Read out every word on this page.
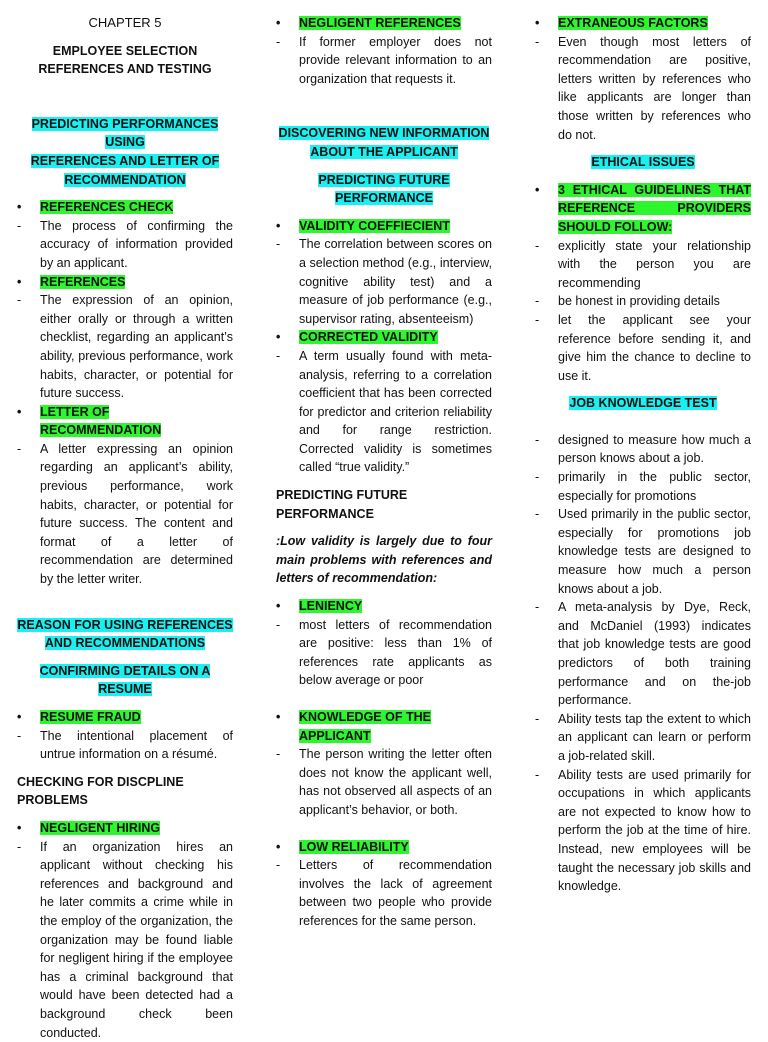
CHAPTER 5
EMPLOYEE SELECTION
REFERENCES AND TESTING
PREDICTING PERFORMANCES USING
REFERENCES AND LETTER OF
RECOMMENDATION
• REFERENCES CHECK
- The process of confirming the accuracy of information provided by an applicant.
• REFERENCES
- The expression of an opinion, either orally or through a written checklist, regarding an applicant’s ability, previous performance, work habits, character, or potential for future success.
• LETTER OF RECOMMENDATION
- A letter expressing an opinion regarding an applicant’s ability, previous performance, work habits, character, or potential for future success. The content and format of a letter of recommendation are determined by the letter writer.
REASON FOR USING REFERENCES
AND RECOMMENDATIONS
CONFIRMING DETAILS ON A RESUME
• RESUME FRAUD
- The intentional placement of untrue information on a résumé.
CHECKING FOR DISCPLINE PROBLEMS
• NEGLIGENT HIRING
- If an organization hires an applicant without checking his references and background and he later commits a crime while in the employ of the organization, the organization may be found liable for negligent hiring if the employee has a criminal background that would have been detected had a background check been conducted.
• NEGLIGENT REFERENCES
- If former employer does not provide relevant information to an organization that requests it.
DISCOVERING NEW INFORMATION
ABOUT THE APPLICANT
PREDICTING FUTURE PERFORMANCE
• VALIDITY COEFFIECIENT
- The correlation between scores on a selection method (e.g., interview, cognitive ability test) and a measure of job performance (e.g., supervisor rating, absenteeism)
• CORRECTED VALIDITY
- A term usually found with meta-analysis, referring to a correlation coefficient that has been corrected for predictor and criterion reliability and for range restriction. Corrected validity is sometimes called “true validity.”
PREDICTING FUTURE PERFORMANCE
:Low validity is largely due to four main problems with references and letters of recommendation:
• LENIENCY
- most letters of recommendation are positive: less than 1% of references rate applicants as below average or poor
• KNOWLEDGE OF THE APPLICANT
- The person writing the letter often does not know the applicant well, has not observed all aspects of an applicant’s behavior, or both.
• LOW RELIABILITY
- Letters of recommendation involves the lack of agreement between two people who provide references for the same person.
• EXTRANEOUS FACTORS
- Even though most letters of recommendation are positive, letters written by references who like applicants are longer than those written by references who do not.
ETHICAL ISSUES
• 3 ETHICAL GUIDELINES THAT REFERENCE PROVIDERS SHOULD FOLLOW:
- explicitly state your relationship with the person you are recommending
- be honest in providing details
- let the applicant see your reference before sending it, and give him the chance to decline to use it.
JOB KNOWLEDGE TEST
- designed to measure how much a person knows about a job.
- primarily in the public sector, especially for promotions
- Used primarily in the public sector, especially for promotions job knowledge tests are designed to measure how much a person knows about a job.
- A meta-analysis by Dye, Reck, and McDaniel (1993) indicates that job knowledge tests are good predictors of both training performance and on the-job performance.
- Ability tests tap the extent to which an applicant can learn or perform a job-related skill.
- Ability tests are used primarily for occupations in which applicants are not expected to know how to perform the job at the time of hire. Instead, new employees will be taught the necessary job skills and knowledge.
